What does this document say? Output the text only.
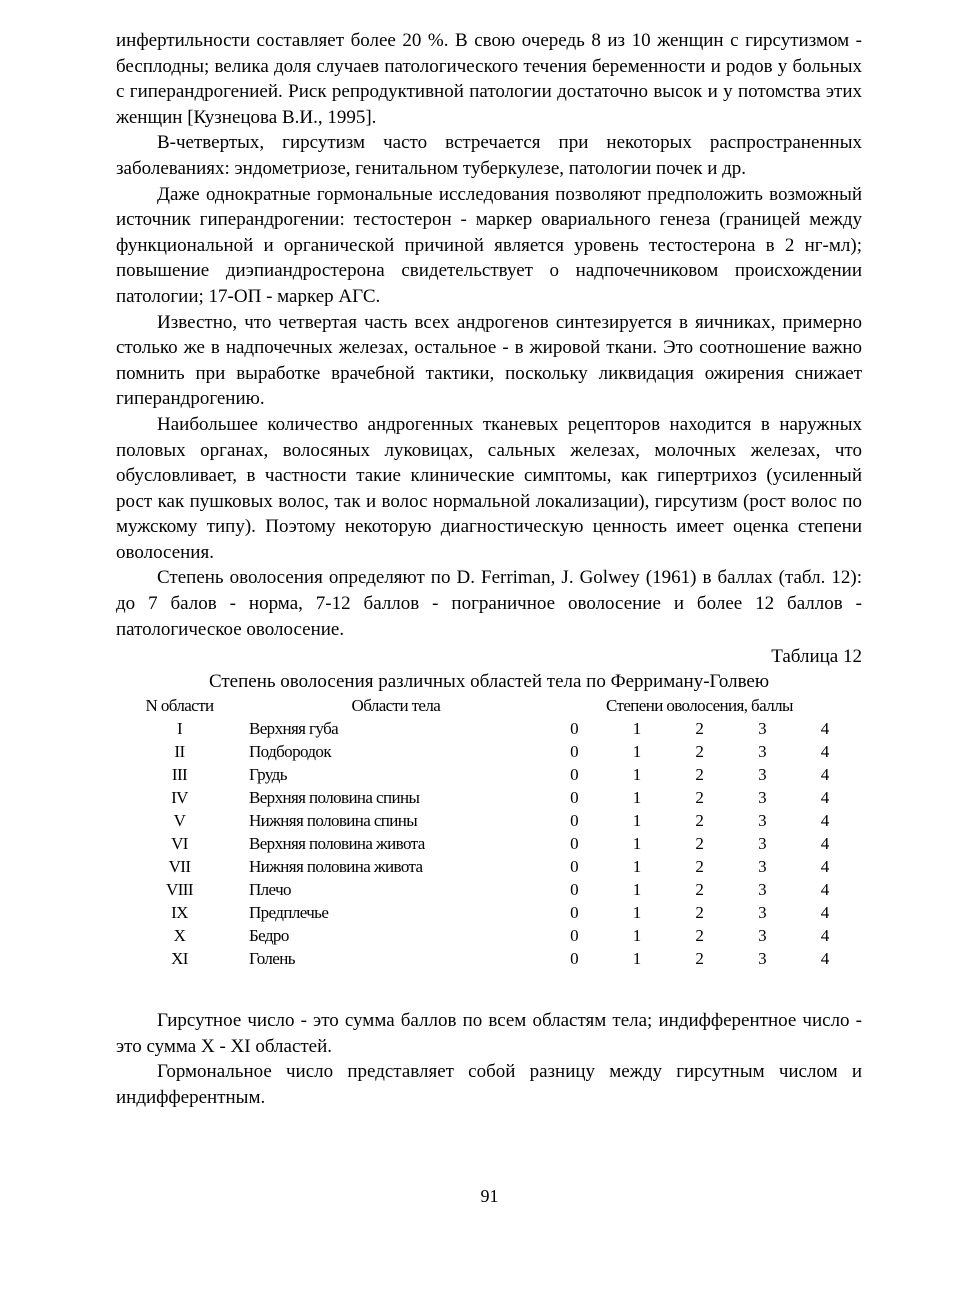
инфертильности составляет более 20 %. В свою очередь 8 из 10 женщин с гирсутизмом - бесплодны; велика доля случаев патологического течения беременности и родов у больных с гиперандрогенией. Риск репродуктивной патологии достаточно высок и у потомства этих женщин [Кузнецова В.И., 1995].

В-четвертых, гирсутизм часто встречается при некоторых распространенных заболеваниях: эндометриозе, генитальном туберкулезе, патологии почек и др.

Даже однократные гормональные исследования позволяют предположить возможный источник гиперандрогении: тестостерон - маркер овариального генеза (границей между функциональной и органической причиной является уровень тестостерона в 2 нг-мл); повышение диэпиандростерона свидетельствует о надпочечниковом происхождении патологии; 17-ОП - маркер АГС.

Известно, что четвертая часть всех андрогенов синтезируется в яичниках, примерно столько же в надпочечных железах, остальное - в жировой ткани. Это соотношение важно помнить при выработке врачебной тактики, поскольку ликвидация ожирения снижает гиперандрогению.

Наибольшее количество андрогенных тканевых рецепторов находится в наружных половых органах, волосяных луковицах, сальных железах, молочных железах, что обусловливает, в частности такие клинические симптомы, как гипертрихоз (усиленный рост как пушковых волос, так и волос нормальной локализации), гирсутизм (рост волос по мужскому типу). Поэтому некоторую диагностическую ценность имеет оценка степени оволосения.

Степень оволосения определяют по D. Ferriman, J. Golwey (1961) в баллах (табл. 12): до 7 балов - норма, 7-12 баллов - пограничное оволосение и более 12 баллов - патологическое оволосение.

Таблица 12
Степень оволосения различных областей тела по Ферриману-Голвею
N области	Области тела	Степени оволосения, баллы				
I	Верхняя губа	0	1	2	3	4
II	Подбородок	0	1	2	3	4
III	Грудь	0	1	2	3	4
IV	Верхняя половина спины	0	1	2	3	4
V	Нижняя половина спины	0	1	2	3	4
VI	Верхняя половина живота	0	1	2	3	4
VII	Нижняя половина живота	0	1	2	3	4
VIII	Плечо	0	1	2	3	4
IX	Предплечье	0	1	2	3	4
X	Бедро	0	1	2	3	4
XI	Голень	0	1	2	3	4

Гирсутное число - это сумма баллов по всем областям тела; индифферентное число - это сумма X - XI областей.

Гормональное число представляет собой разницу между гирсутным числом и индифферентным.

91
